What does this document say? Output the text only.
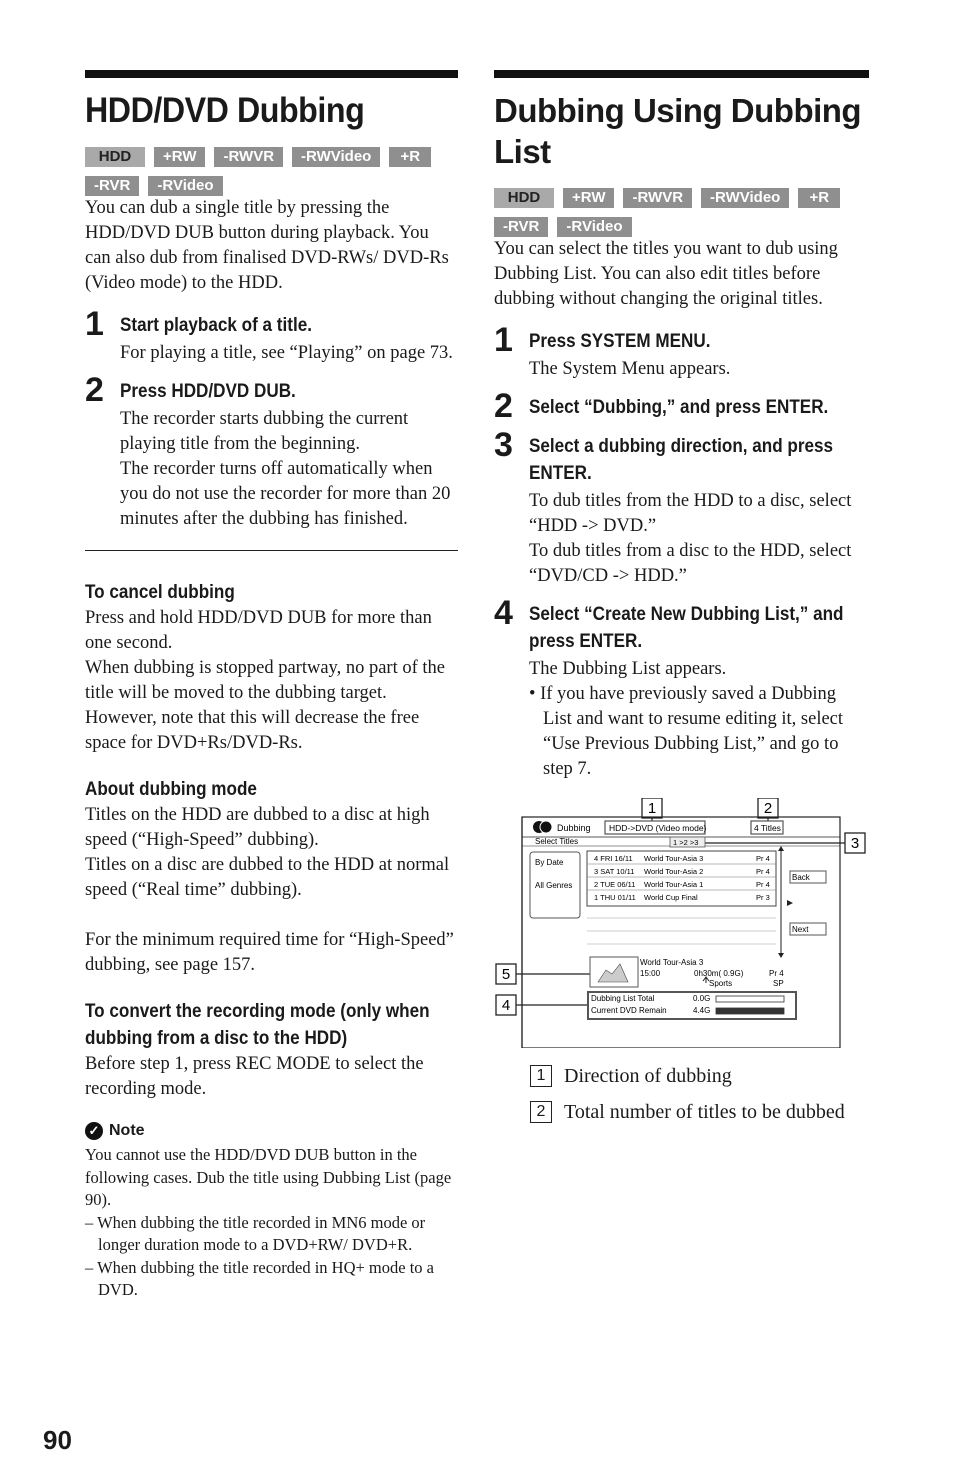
HDD/DVD Dubbing
HDD	+RW	-RWVR	-RWVideo	+R
-RVR	-RVideo

You can dub a single title by pressing the HDD/DVD DUB button during playback. You can also dub from finalised DVD-RWs/ DVD-Rs (Video mode) to the HDD.

1 Start playback of a title.

For playing a title, see “Playing” on page 73.

2 Press HDD/DVD DUB.

The recorder starts dubbing the current playing title from the beginning.

The recorder turns off automatically when you do not use the recorder for more than 20 minutes after the dubbing has finished.

To cancel dubbing

Press and hold HDD/DVD DUB for more than one second.

When dubbing is stopped partway, no part of the title will be moved to the dubbing target. However, note that this will decrease the free space for DVD+Rs/DVD-Rs.

About dubbing mode

Titles on the HDD are dubbed to a disc at high speed (“High-Speed” dubbing).

Titles on a disc are dubbed to the HDD at normal speed (“Real time” dubbing).

For the minimum required time for “High-Speed” dubbing, see page 157.

To convert the recording mode (only when dubbing from a disc to the HDD)

Before step 1, press REC MODE to select the recording mode.

✓ Note

You cannot use the HDD/DVD DUB button in the following cases. Dub the title using Dubbing List (page 90).

– When dubbing the title recorded in MN6 mode or longer duration mode to a DVD+RW/ DVD+R.

– When dubbing the title recorded in HQ+ mode to a DVD.

Dubbing Using Dubbing List
HDD	+RW	-RWVR	-RWVideo	+R
-RVR	-RVideo

You can select the titles you want to dub using Dubbing List. You can also edit titles before dubbing without changing the original titles.

1 Press SYSTEM MENU.

The System Menu appears.

2 Select “Dubbing,” and press ENTER.

3 Select a dubbing direction, and press ENTER.

To dub titles from the HDD to a disc, select “HDD -> DVD.”

To dub titles from a disc to the HDD, select “DVD/CD -> HDD.”

4 Select “Create New Dubbing List,” and press ENTER.

The Dubbing List appears.

• If you have previously saved a Dubbing List and want to resume editing it, select “Use Previous Dubbing List,” and go to step 7.

1	2
3
4
5
Dubbing HDD->DVD (Video mode)	4 Titles
Select Titles	1 >2 >3
By Date
All Genres
4 FRI 16/11 World Tour-Asia 3	Pr 4
3 SAT 10/11 World Tour-Asia 2	Pr 4
2 TUE 06/11 World Tour-Asia 1	Pr 4
1 THU 01/11 World Cup Final	Pr 3
Back
Next
World Tour-Asia 3
15:00	0h30m( 0.9G)	Pr 4
Sports	SP
Dubbing List Total	0.0G
Current DVD Remain	4.4G
1 Direction of dubbing
2 Total number of titles to be dubbed
90
